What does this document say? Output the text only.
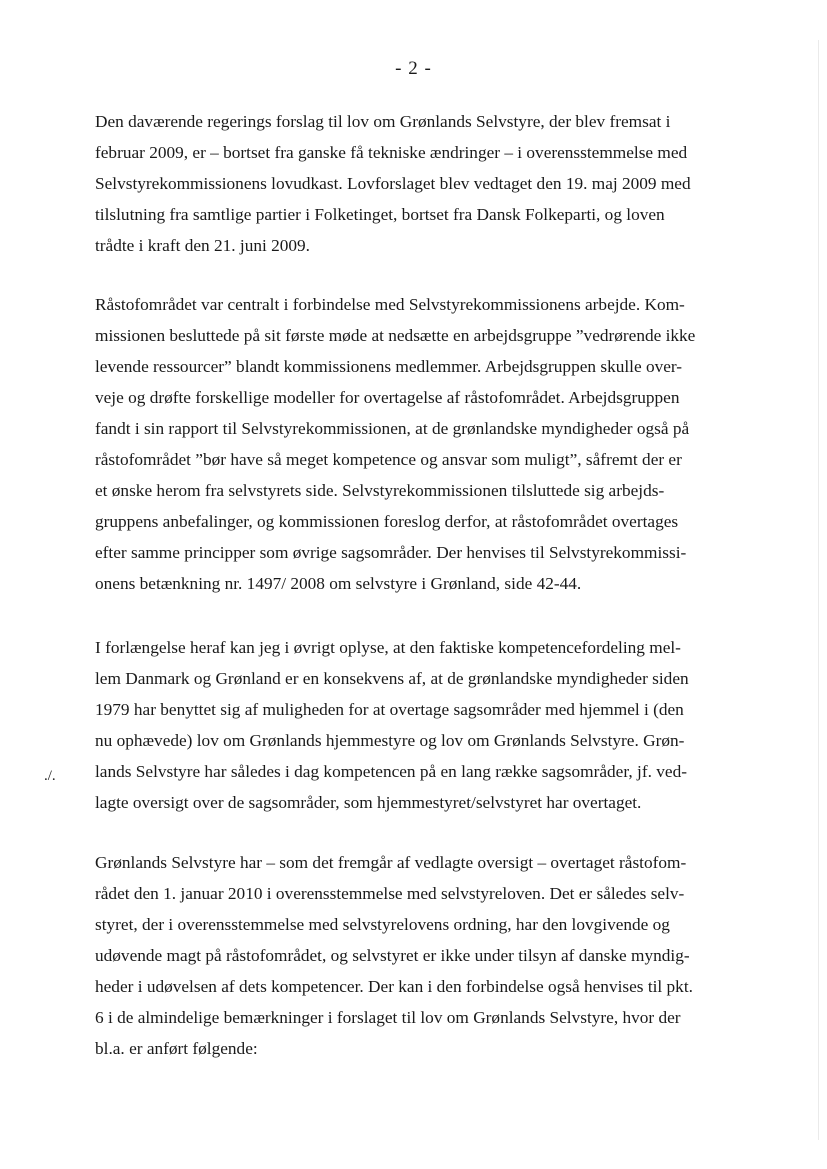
- 2 -
Den daværende regerings forslag til lov om Grønlands Selvstyre, der blev fremsat i
februar 2009, er – bortset fra ganske få tekniske ændringer – i overensstemmelse med
Selvstyrekommissionens lovudkast. Lovforslaget blev vedtaget den 19. maj 2009 med
tilslutning fra samtlige partier i Folketinget, bortset fra Dansk Folkeparti, og loven
trådte i kraft den 21. juni 2009.
Råstofområdet var centralt i forbindelse med Selvstyrekommissionens arbejde. Kom-
missionen besluttede på sit første møde at nedsætte en arbejdsgruppe ”vedrørende ikke
levende ressourcer” blandt kommissionens medlemmer. Arbejdsgruppen skulle over-
veje og drøfte forskellige modeller for overtagelse af råstofområdet. Arbejdsgruppen
fandt i sin rapport til Selvstyrekommissionen, at de grønlandske myndigheder også på
råstofområdet ”bør have så meget kompetence og ansvar som muligt”, såfremt der er
et ønske herom fra selvstyrets side. Selvstyrekommissionen tilsluttede sig arbejds-
gruppens anbefalinger, og kommissionen foreslog derfor, at råstofområdet overtages
efter samme principper som øvrige sagsområder. Der henvises til Selvstyrekommissi-
onens betænkning nr. 1497/ 2008 om selvstyre i Grønland, side 42-44.
I forlængelse heraf kan jeg i øvrigt oplyse, at den faktiske kompetencefordeling mel-
lem Danmark og Grønland er en konsekvens af, at de grønlandske myndigheder siden
1979 har benyttet sig af muligheden for at overtage sagsområder med hjemmel i (den
nu ophævede) lov om Grønlands hjemmestyre og lov om Grønlands Selvstyre. Grøn-
lands Selvstyre har således i dag kompetencen på en lang række sagsområder, jf. ved-
lagte oversigt over de sagsområder, som hjemmestyret/selvstyret har overtaget.
./.
Grønlands Selvstyre har – som det fremgår af vedlagte oversigt – overtaget råstofom-
rådet den 1. januar 2010 i overensstemmelse med selvstyreloven. Det er således selv-
styret, der i overensstemmelse med selvstyrelovens ordning, har den lovgivende og
udøvende magt på råstofområdet, og selvstyret er ikke under tilsyn af danske myndig-
heder i udøvelsen af dets kompetencer. Der kan i den forbindelse også henvises til pkt.
6 i de almindelige bemærkninger i forslaget til lov om Grønlands Selvstyre, hvor der
bl.a. er anført følgende:
